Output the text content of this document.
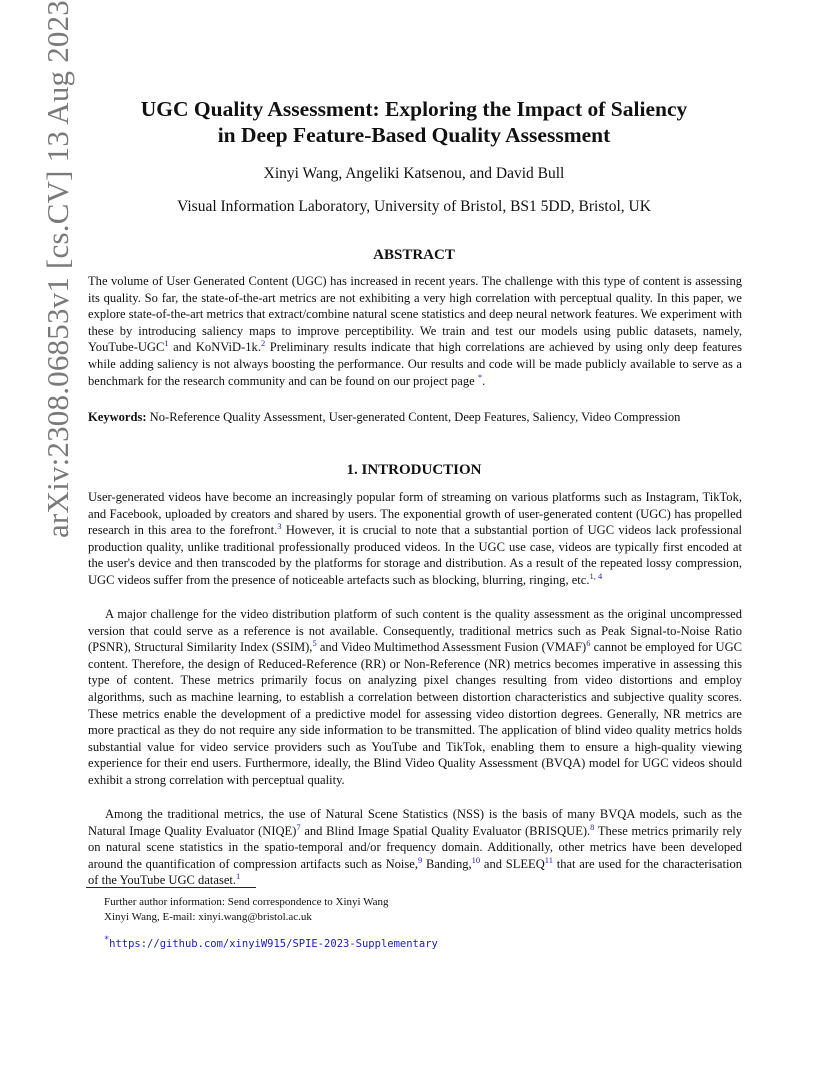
arXiv:2308.06853v1 [cs.CV] 13 Aug 2023	UGC Quality Assessment: Exploring the Impact of Saliency
in Deep Feature-Based Quality Assessment
Xinyi Wang, Angeliki Katsenou, and David Bull
Visual Information Laboratory, University of Bristol, BS1 5DD, Bristol, UK
ABSTRACT

The volume of User Generated Content (UGC) has increased in recent years. The challenge with this type of content is assessing its quality. So far, the state-of-the-art metrics are not exhibiting a very high correlation with perceptual quality. In this paper, we explore state-of-the-art metrics that extract/combine natural scene statistics and deep neural network features. We experiment with these by introducing saliency maps to improve perceptibility. We train and test our models using public datasets, namely, YouTube-UGC$^1$ and KoNViD-1k.$^2$ Preliminary results indicate that high correlations are achieved by using only deep features while adding saliency is not always boosting the performance. Our results and code will be made publicly available to serve as a benchmark for the research community and can be found on our project page *.

Keywords: No-Reference Quality Assessment, User-generated Content, Deep Features, Saliency, Video Compression

1. INTRODUCTION

User-generated videos have become an increasingly popular form of streaming on various platforms such as Instagram, TikTok, and Facebook, uploaded by creators and shared by users. The exponential growth of user-generated content (UGC) has propelled research in this area to the forefront.$^3$ However, it is crucial to note that a substantial portion of UGC videos lack professional production quality, unlike traditional professionally produced videos. In the UGC use case, videos are typically first encoded at the user's device and then transcoded by the platforms for storage and distribution. As a result of the repeated lossy compression, UGC videos suffer from the presence of noticeable artefacts such as blocking, blurring, ringing, etc.$^{1, 4}$

A major challenge for the video distribution platform of such content is the quality assessment as the original uncompressed version that could serve as a reference is not available. Consequently, traditional metrics such as Peak Signal-to-Noise Ratio (PSNR), Structural Similarity Index (SSIM),$^5$ and Video Multimethod Assessment Fusion (VMAF)$^6$ cannot be employed for UGC content. Therefore, the design of Reduced-Reference (RR) or Non-Reference (NR) metrics becomes imperative in assessing this type of content. These metrics primarily focus on analyzing pixel changes resulting from video distortions and employ algorithms, such as machine learning, to establish a correlation between distortion characteristics and subjective quality scores. These metrics enable the development of a predictive model for assessing video distortion degrees. Generally, NR metrics are more practical as they do not require any side information to be transmitted. The application of blind video quality metrics holds substantial value for video service providers such as YouTube and TikTok, enabling them to ensure a high-quality viewing experience for their end users. Furthermore, ideally, the Blind Video Quality Assessment (BVQA) model for UGC videos should exhibit a strong correlation with perceptual quality.

Among the traditional metrics, the use of Natural Scene Statistics (NSS) is the basis of many BVQA models, such as the Natural Image Quality Evaluator (NIQE)$^7$ and Blind Image Spatial Quality Evaluator (BRISQUE).$^8$ These metrics primarily rely on natural scene statistics in the spatio-temporal and/or frequency domain. Additionally, other metrics have been developed around the quantification of compression artifacts such as Noise,$^9$ Banding,$^{10}$ and SLEEQ$^{11}$ that are used for the characterisation of the YouTube UGC dataset.$^1$

Further author information: Send correspondence to Xinyi Wang
Xinyi Wang, E-mail: xinyi.wang@bristol.ac.uk
*https://github.com/xinyiW915/SPIE-2023-Supplementary
